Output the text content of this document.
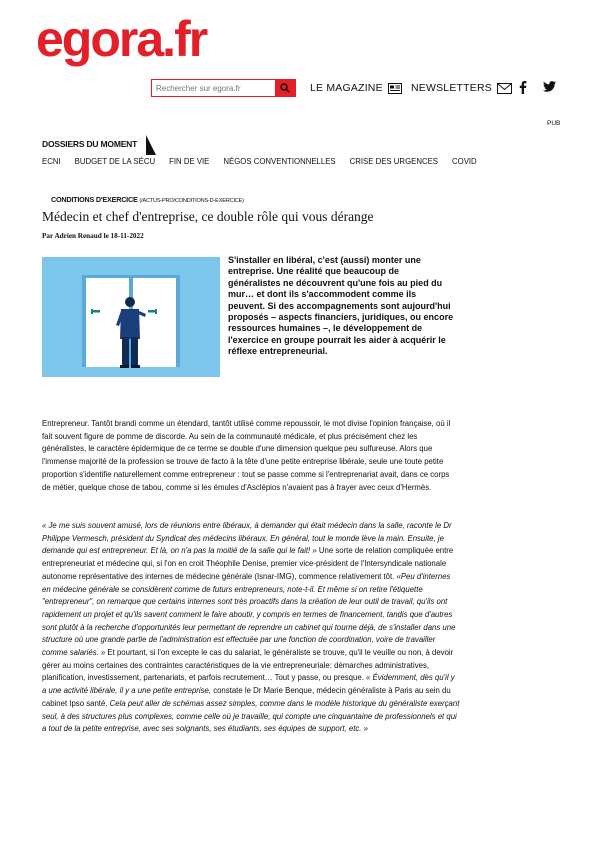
egora.fr
Rechercher sur egora.fr
LE MAGAZINE	NEWSLETTERS
PUB
DOSSIERS DU MOMENT
ECNI BUDGET DE LA SÉCU FIN DE VIE NÉGOS CONVENTIONNELLES CRISE DES URGENCES COVID
CONDITIONS D'EXERCICE (/ACTUS-PRO/CONDITIONS-D-EXERCICE)
Médecin et chef d'entreprise, ce double rôle qui vous dérange
Par Adrien Renaud le 18-11-2022
S'installer en libéral, c'est (aussi) monter une entreprise. Une réalité que beaucoup de généralistes ne découvrent qu'une fois au pied du mur… et dont ils s'accommodent comme ils peuvent. Si des accompagnements sont aujourd'hui proposés – aspects financiers, juridiques, ou encore ressources humaines –, le développement de l'exercice en groupe pourrait les aider à acquérir le réflexe entrepreneurial.
Entrepreneur. Tantôt brandi comme un étendard, tantôt utilisé comme repoussoir, le mot divise l'opinion française, où il fait souvent figure de pomme de discorde. Au sein de la communauté médicale, et plus précisément chez les généralistes, le caractère épidermique de ce terme se double d'une dimension quelque peu sulfureuse. Alors que l'immense majorité de la profession se trouve de facto à la tête d'une petite entreprise libérale, seule une toute petite proportion s'identifie naturellement comme entrepreneur : tout se passe comme si l'entreprenariat avait, dans ce corps de métier, quelque chose de tabou, comme si les émules d'Asclépios n'avaient pas à frayer avec ceux d'Hermès.
« Je me suis souvent amusé, lors de réunions entre libéraux, à demander qui était médecin dans la salle, raconte le Dr Philippe Vermesch, président du Syndicat des médecins libéraux. En général, tout le monde lève la main. Ensuite, je demande qui est entrepreneur. Et là, on n'a pas la moitié de la salle qui le fait! » Une sorte de relation compliquée entre entrepreneuriat et médecine qui, si l'on en croit Théophile Denise, premier vice-président de l'Intersyndicale nationale autonome représentative des internes de médecine générale (Isnar-IMG), commence relativement tôt. «Peu d'internes en médecine générale se considèrent comme de futurs entrepreneurs, note-t-il. Et même si on retire l'étiquette "entrepreneur", on remarque que certains internes sont très proactifs dans la création de leur outil de travail, qu'ils ont rapidement un projet et qu'ils savent comment le faire aboutir, y compris en termes de financement, tandis que d'autres sont plutôt à la recherche d'opportunités leur permettant de reprendre un cabinet qui tourne déjà, de s'installer dans une structure où une grande partie de l'administration est effectuée par une fonction de coordination, voire de travailler comme salariés. » Et pourtant, si l'on excepte le cas du salariat, le généraliste se trouve, qu'il le veuille ou non, à devoir gérer au moins certaines des contraintes caractéristiques de la vie entrepreneuriale: démarches administratives, planification, investissement, partenariats, et parfois recrutement… Tout y passe, ou presque. « Évidemment, dès qu'il y a une activité libérale, il y a une petite entreprise, constate le Dr Marie Benque, médecin généraliste à Paris au sein du cabinet Ipso santé. Cela peut aller de schémas assez simples, comme dans le modèle historique du généraliste exerçant seul, à des structures plus complexes, comme celle où je travaille, qui compte une cinquantaine de professionnels et qui a tout de la petite entreprise, avec ses soignants, ses étudiants, ses équipes de support, etc. »
